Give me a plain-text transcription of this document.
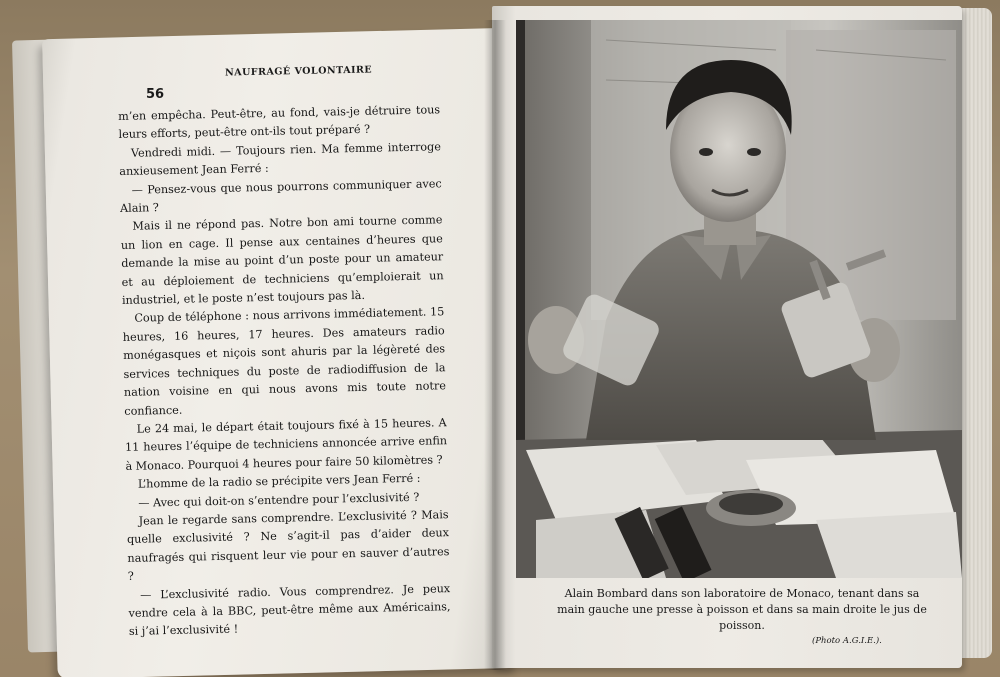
56
NAUFRAGÉ VOLONTAIRE

m’en empêcha. Peut-être, au fond, vais-je détruire tous leurs efforts, peut-être ont-ils tout préparé ?

Vendredi midi. — Toujours rien. Ma femme interroge anxieusement Jean Ferré :

— Pensez-vous que nous pourrons communiquer avec Alain ?

Mais il ne répond pas. Notre bon ami tourne comme un lion en cage. Il pense aux centaines d’heures que demande la mise au point d’un poste pour un amateur et au déploiement de techniciens qu’emploierait un industriel, et le poste n’est toujours pas là.

Coup de téléphone : nous arrivons immédiatement. 15 heures, 16 heures, 17 heures. Des amateurs radio monégasques et niçois sont ahuris par la légèreté des services techniques du poste de radiodiffusion de la nation voisine en qui nous avons mis toute notre confiance.

Le 24 mai, le départ était toujours fixé à 15 heures. A 11 heures l’équipe de techniciens annoncée arrive enfin à Monaco. Pourquoi 4 heures pour faire 50 kilomètres ?

L’homme de la radio se précipite vers Jean Ferré :

— Avec qui doit-on s’entendre pour l’exclusivité ?

Jean le regarde sans comprendre. L’exclusivité ? Mais quelle exclusivité ? Ne s’agit-il pas d’aider deux naufragés qui risquent leur vie pour en sauver d’autres ?

— L’exclusivité radio. Vous comprendrez. Je peux vendre cela à la BBC, peut-être même aux Américains, si j’ai l’exclusivité !

Alain Bombard dans son laboratoire de Monaco, tenant dans sa main gauche une presse à poisson et dans sa main droite le jus de poisson.
(Photo A.G.I.E.).
